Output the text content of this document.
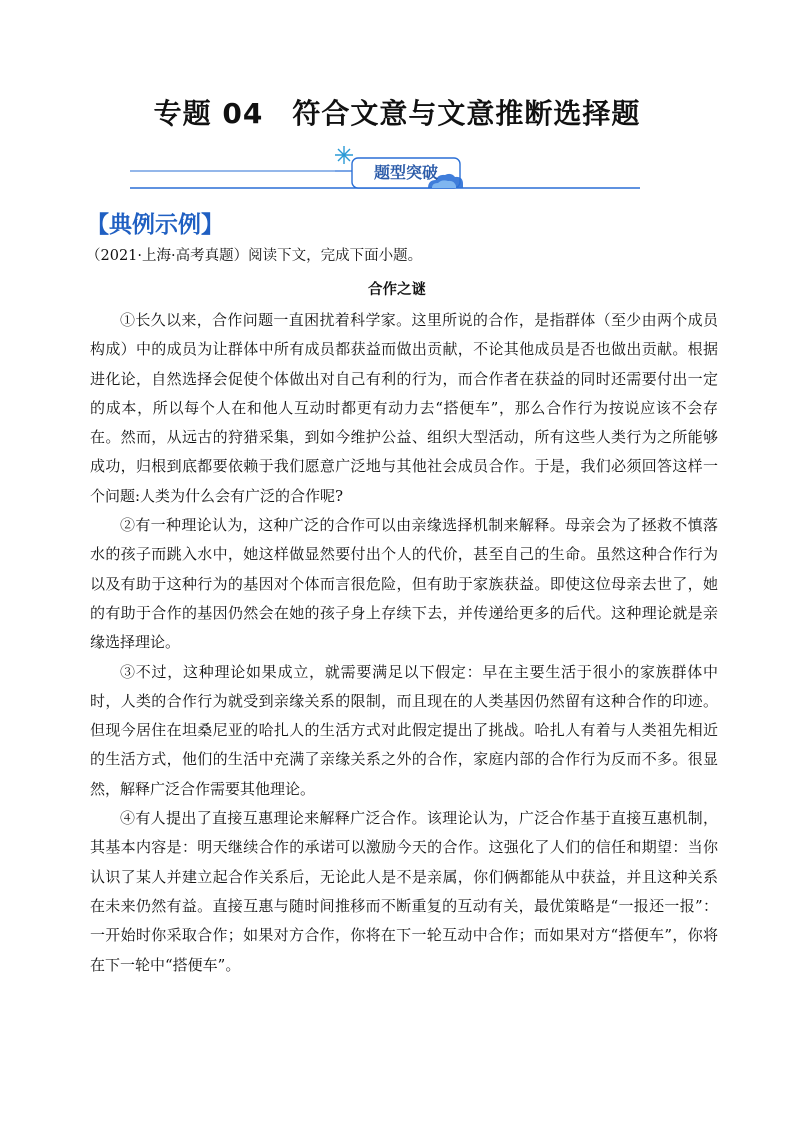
专题 04　符合文意与文意推断选择题
题型突破
【典例示例】
（2021·上海·高考真题）阅读下文，完成下面小题。
合作之谜

①长久以来，合作问题一直困扰着科学家。这里所说的合作，是指群体（至少由两个成员构成）中的成员为让群体中所有成员都获益而做出贡献，不论其他成员是否也做出贡献。根据进化论，自然选择会促使个体做出对自己有利的行为，而合作者在获益的同时还需要付出一定的成本，所以每个人在和他人互动时都更有动力去“搭便车”，那么合作行为按说应该不会存在。然而，从远古的狩猎采集，到如今维护公益、组织大型活动，所有这些人类行为之所能够成功，归根到底都要依赖于我们愿意广泛地与其他社会成员合作。于是，我们必须回答这样一个问题:人类为什么会有广泛的合作呢?

②有一种理论认为，这种广泛的合作可以由亲缘选择机制来解释。母亲会为了拯救不慎落水的孩子而跳入水中，她这样做显然要付出个人的代价，甚至自己的生命。虽然这种合作行为以及有助于这种行为的基因对个体而言很危险，但有助于家族获益。即使这位母亲去世了，她的有助于合作的基因仍然会在她的孩子身上存续下去，并传递给更多的后代。这种理论就是亲缘选择理论。

③不过，这种理论如果成立，就需要满足以下假定：早在主要生活于很小的家族群体中时，人类的合作行为就受到亲缘关系的限制，而且现在的人类基因仍然留有这种合作的印迹。但现今居住在坦桑尼亚的哈扎人的生活方式对此假定提出了挑战。哈扎人有着与人类祖先相近的生活方式，他们的生活中充满了亲缘关系之外的合作，家庭内部的合作行为反而不多。很显然，解释广泛合作需要其他理论。

④有人提出了直接互惠理论来解释广泛合作。该理论认为，广泛合作基于直接互惠机制，其基本内容是：明天继续合作的承诺可以激励今天的合作。这强化了人们的信任和期望：当你认识了某人并建立起合作关系后，无论此人是不是亲属，你们俩都能从中获益，并且这种关系在未来仍然有益。直接互惠与随时间推移而不断重复的互动有关，最优策略是“一报还一报”：一开始时你采取合作；如果对方合作，你将在下一轮互动中合作；而如果对方“搭便车”，你将在下一轮中“搭便车”。
